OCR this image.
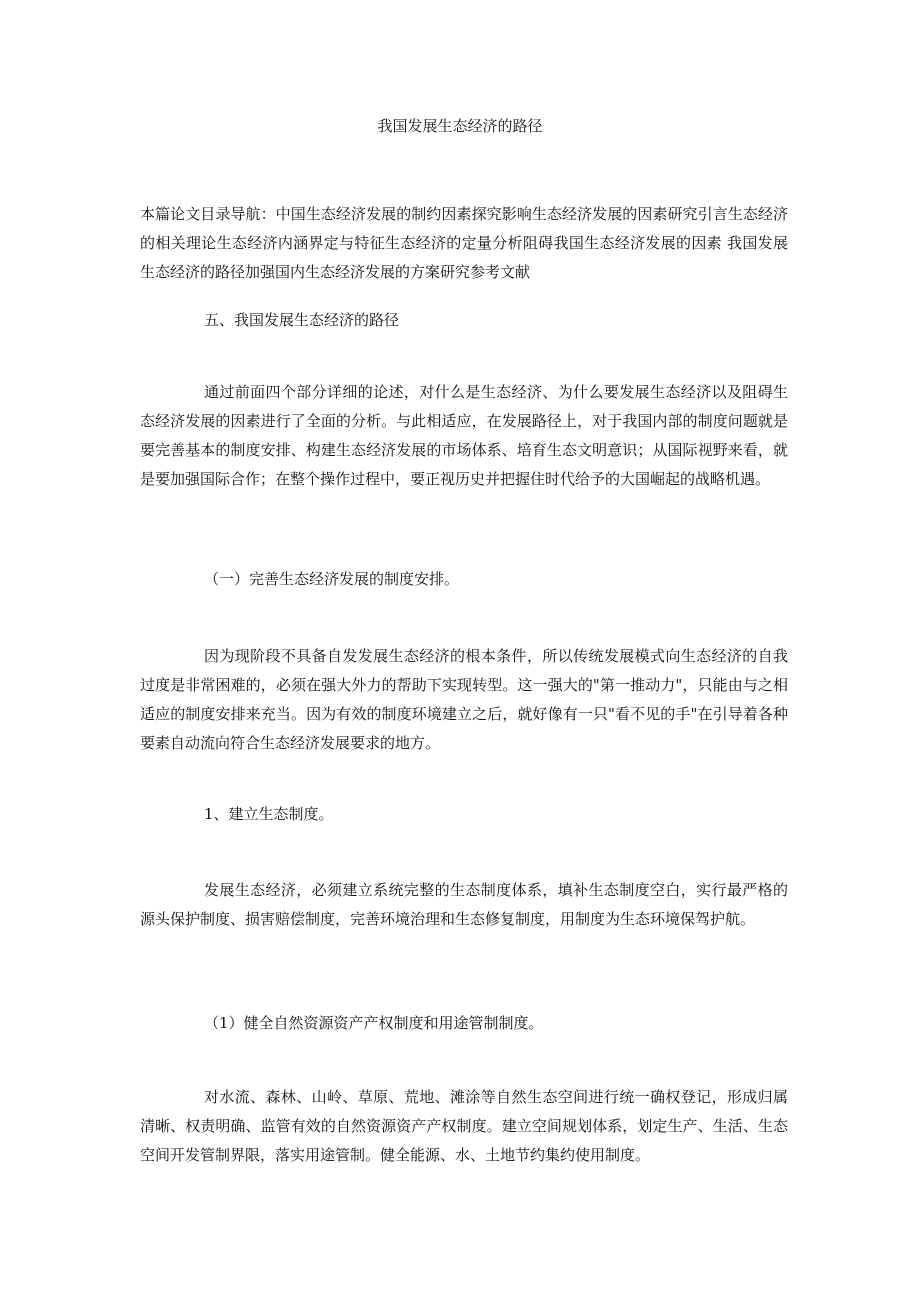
我国发展生态经济的路径

本篇论文目录导航：中国生态经济发展的制约因素探究影响生态经济发展的因素研究引言生态经济的相关理论生态经济内涵界定与特征生态经济的定量分析阻碍我国生态经济发展的因素 我国发展生态经济的路径加强国内生态经济发展的方案研究参考文献

五、我国发展生态经济的路径

通过前面四个部分详细的论述，对什么是生态经济、为什么要发展生态经济以及阻碍生态经济发展的因素进行了全面的分析。与此相适应，在发展路径上，对于我国内部的制度问题就是要完善基本的制度安排、构建生态经济发展的市场体系、培育生态文明意识；从国际视野来看，就是要加强国际合作；在整个操作过程中，要正视历史并把握住时代给予的大国崛起的战略机遇。

（一）完善生态经济发展的制度安排。

因为现阶段不具备自发发展生态经济的根本条件，所以传统发展模式向生态经济的自我过度是非常困难的，必须在强大外力的帮助下实现转型。这一强大的"第一推动力"，只能由与之相适应的制度安排来充当。因为有效的制度环境建立之后，就好像有一只"看不见的手"在引导着各种要素自动流向符合生态经济发展要求的地方。

1、建立生态制度。

发展生态经济，必须建立系统完整的生态制度体系，填补生态制度空白，实行最严格的源头保护制度、损害赔偿制度，完善环境治理和生态修复制度，用制度为生态环境保驾护航。

（1）健全自然资源资产产权制度和用途管制制度。

对水流、森林、山岭、草原、荒地、滩涂等自然生态空间进行统一确权登记，形成归属清晰、权责明确、监管有效的自然资源资产产权制度。建立空间规划体系，划定生产、生活、生态空间开发管制界限，落实用途管制。健全能源、水、土地节约集约使用制度。
